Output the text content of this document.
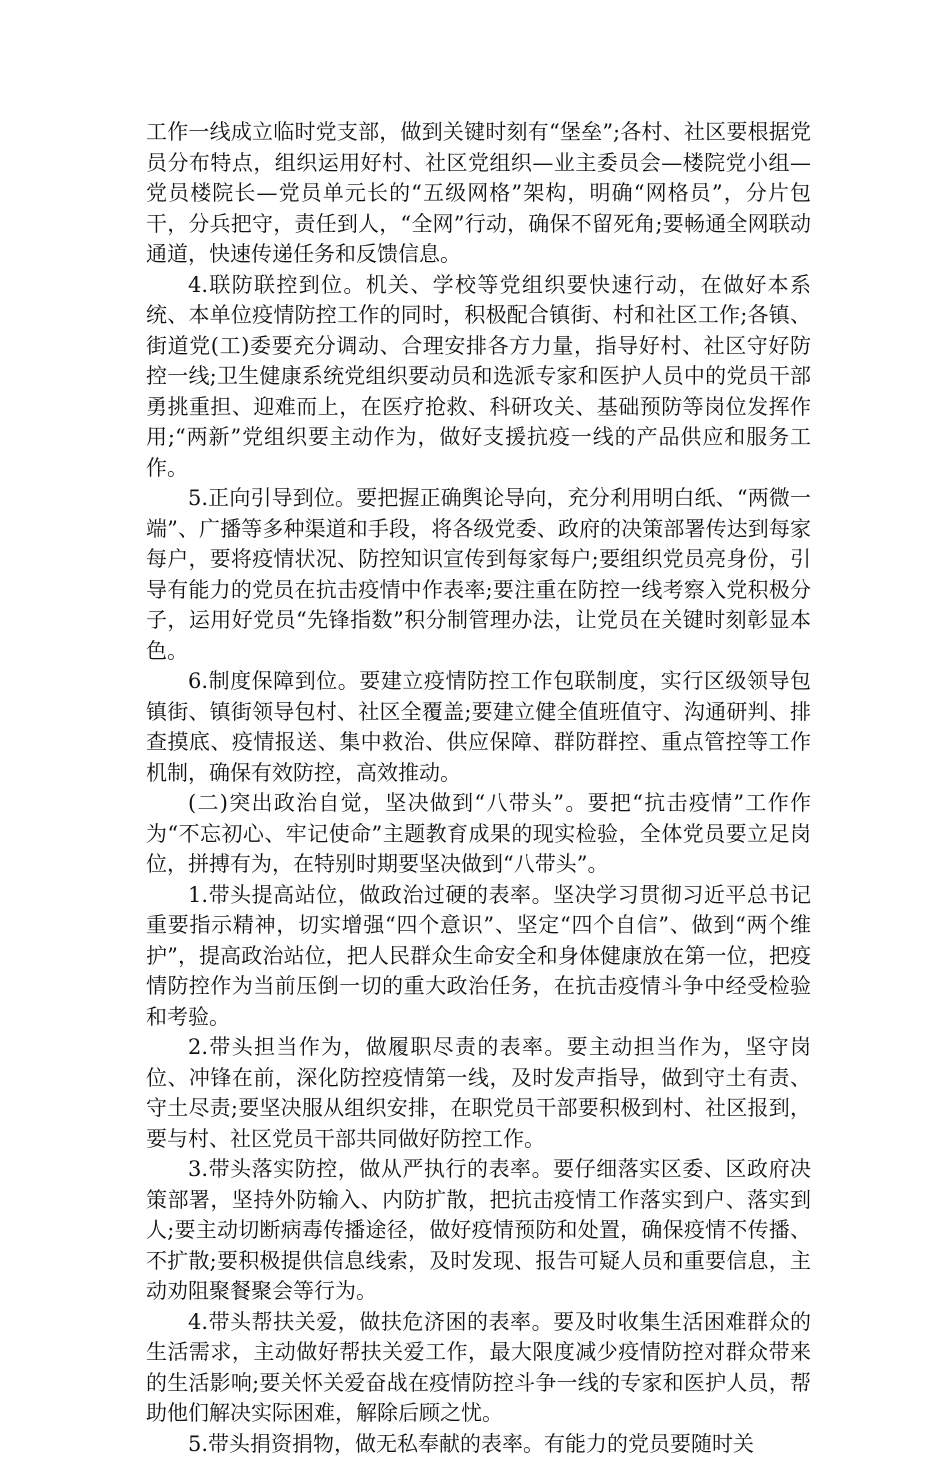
工作一线成立临时党支部，做到关键时刻有“堡垒”;各村、社区要根据党员分布特点，组织运用好村、社区党组织—业主委员会—楼院党小组—党员楼院长—党员单元长的“五级网格”架构，明确“网格员”，分片包干，分兵把守，责任到人，“全网”行动，确保不留死角;要畅通全网联动通道，快速传递任务和反馈信息。

4.联防联控到位。机关、学校等党组织要快速行动，在做好本系统、本单位疫情防控工作的同时，积极配合镇街、村和社区工作;各镇、街道党(工)委要充分调动、合理安排各方力量，指导好村、社区守好防控一线;卫生健康系统党组织要动员和选派专家和医护人员中的党员干部勇挑重担、迎难而上，在医疗抢救、科研攻关、基础预防等岗位发挥作用;“两新”党组织要主动作为，做好支援抗疫一线的产品供应和服务工作。

5.正向引导到位。要把握正确舆论导向，充分利用明白纸、“两微一端”、广播等多种渠道和手段，将各级党委、政府的决策部署传达到每家每户，要将疫情状况、防控知识宣传到每家每户;要组织党员亮身份，引导有能力的党员在抗击疫情中作表率;要注重在防控一线考察入党积极分子，运用好党员“先锋指数”积分制管理办法，让党员在关键时刻彰显本色。

6.制度保障到位。要建立疫情防控工作包联制度，实行区级领导包镇街、镇街领导包村、社区全覆盖;要建立健全值班值守、沟通研判、排查摸底、疫情报送、集中救治、供应保障、群防群控、重点管控等工作机制，确保有效防控，高效推动。

(二)突出政治自觉，坚决做到“八带头”。要把“抗击疫情”工作作为“不忘初心、牢记使命”主题教育成果的现实检验，全体党员要立足岗位，拼搏有为，在特别时期要坚决做到“八带头”。

1.带头提高站位，做政治过硬的表率。坚决学习贯彻习近平总书记重要指示精神，切实增强“四个意识”、坚定“四个自信”、做到“两个维护”，提高政治站位，把人民群众生命安全和身体健康放在第一位，把疫情防控作为当前压倒一切的重大政治任务，在抗击疫情斗争中经受检验和考验。

2.带头担当作为，做履职尽责的表率。要主动担当作为，坚守岗位、冲锋在前，深化防控疫情第一线，及时发声指导，做到守土有责、守土尽责;要坚决服从组织安排，在职党员干部要积极到村、社区报到，要与村、社区党员干部共同做好防控工作。

3.带头落实防控，做从严执行的表率。要仔细落实区委、区政府决策部署，坚持外防输入、内防扩散，把抗击疫情工作落实到户、落实到人;要主动切断病毒传播途径，做好疫情预防和处置，确保疫情不传播、不扩散;要积极提供信息线索，及时发现、报告可疑人员和重要信息，主动劝阻聚餐聚会等行为。

4.带头帮扶关爱，做扶危济困的表率。要及时收集生活困难群众的生活需求，主动做好帮扶关爱工作，最大限度减少疫情防控对群众带来的生活影响;要关怀关爱奋战在疫情防控斗争一线的专家和医护人员，帮助他们解决实际困难，解除后顾之忧。

5.带头捐资捐物，做无私奉献的表率。有能力的党员要随时关
